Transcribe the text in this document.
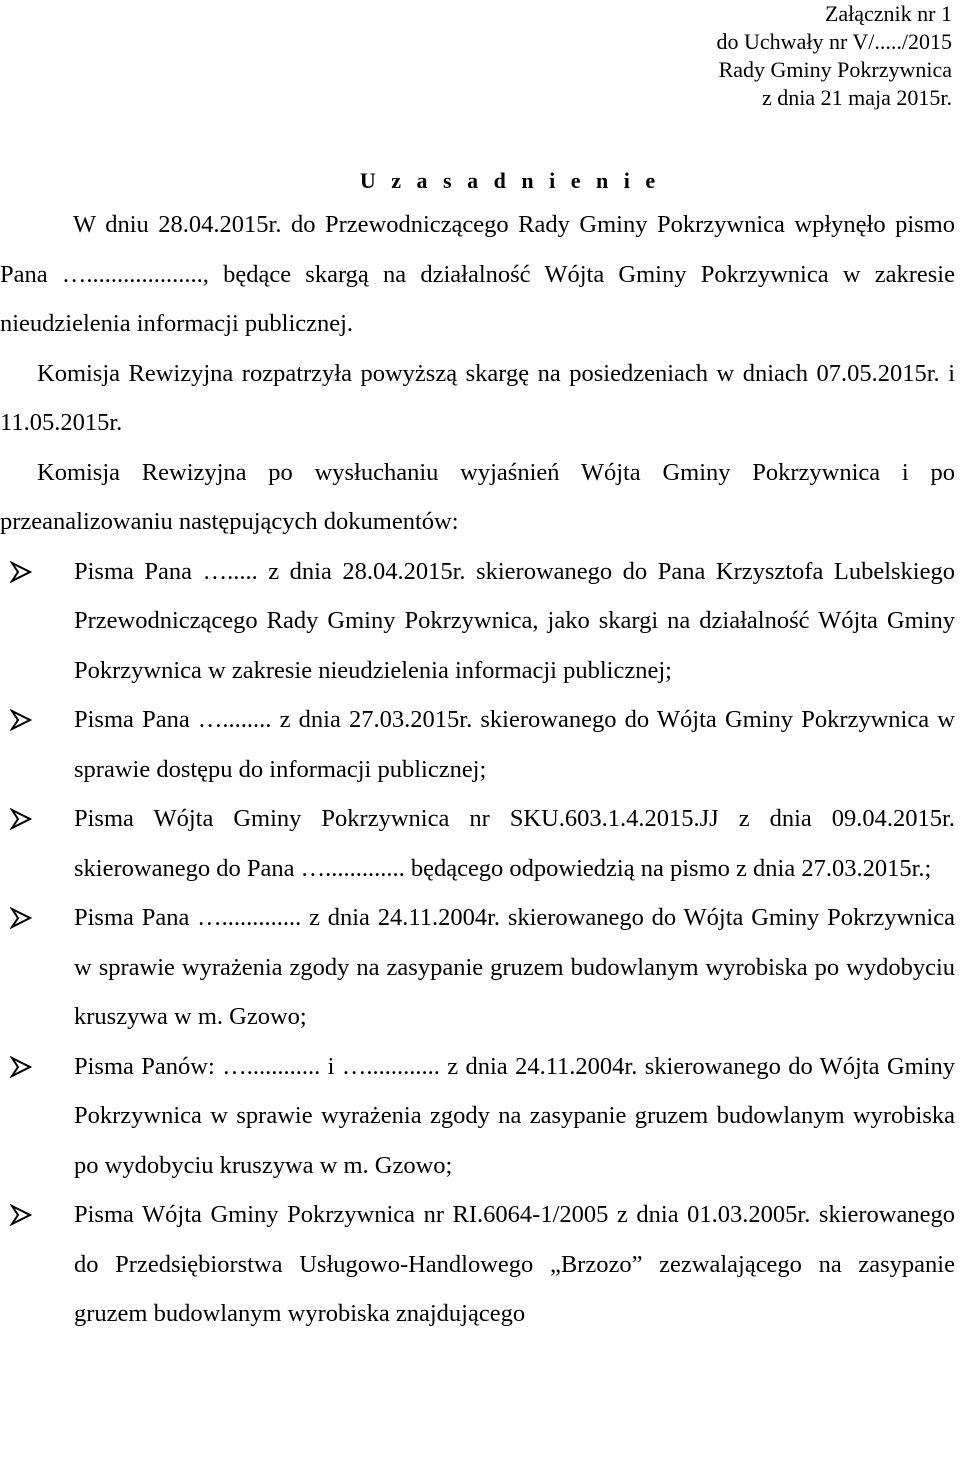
Załącznik nr 1
do Uchwały nr V/...../2015
Rady Gminy Pokrzywnica
z dnia 21 maja 2015r.
U z a s a d n i e n i e

W dniu 28.04.2015r. do Przewodniczącego Rady Gminy Pokrzywnica wpłynęło pismo Pana …..................., będące skargą na działalność Wójta Gminy Pokrzywnica w zakresie nieudzielenia informacji publicznej.

Komisja Rewizyjna rozpatrzyła powyższą skargę na posiedzeniach w dniach 07.05.2015r. i 11.05.2015r.

Komisja Rewizyjna po wysłuchaniu wyjaśnień Wójta Gminy Pokrzywnica i po przeanalizowaniu następujących dokumentów:

Pisma Pana …..... z dnia 28.04.2015r. skierowanego do Pana Krzysztofa Lubelskiego Przewodniczącego Rady Gminy Pokrzywnica, jako skargi na działalność Wójta Gminy Pokrzywnica w zakresie nieudzielenia informacji publicznej;
Pisma Pana …........ z dnia 27.03.2015r. skierowanego do Wójta Gminy Pokrzywnica w sprawie dostępu do informacji publicznej;
Pisma Wójta Gminy Pokrzywnica nr SKU.603.1.4.2015.JJ z dnia 09.04.2015r. skierowanego do Pana …............. będącego odpowiedzią na pismo z dnia 27.03.2015r.;
Pisma Pana …............. z dnia 24.11.2004r. skierowanego do Wójta Gminy Pokrzywnica w sprawie wyrażenia zgody na zasypanie gruzem budowlanym wyrobiska po wydobyciu kruszywa w m. Gzowo;
Pisma Panów: …............ i …............ z dnia 24.11.2004r. skierowanego do Wójta Gminy Pokrzywnica w sprawie wyrażenia zgody na zasypanie gruzem budowlanym wyrobiska po wydobyciu kruszywa w m. Gzowo;
Pisma Wójta Gminy Pokrzywnica nr RI.6064-1/2005 z dnia 01.03.2005r. skierowanego do Przedsiębiorstwa Usługowo-Handlowego „Brzozo” zezwalającego na zasypanie gruzem budowlanym wyrobiska znajdującego
